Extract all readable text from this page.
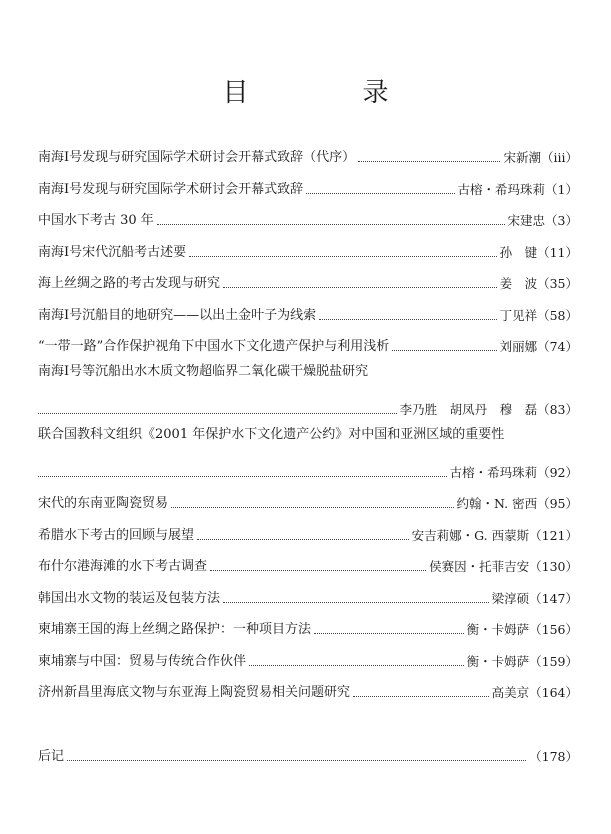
目　录
南海Ⅰ号发现与研究国际学术研讨会开幕式致辞（代序）	宋新潮 （iii）
南海Ⅰ号发现与研究国际学术研讨会开幕式致辞	古榕・希玛珠莉 （1）
中国水下考古 30 年	宋建忠 （3）
南海Ⅰ号宋代沉船考古述要	孙　键 （11）
海上丝绸之路的考古发现与研究	姜　波 （35）
南海Ⅰ号沉船目的地研究——以出土金叶子为线索	丁见祥 （58）
“一带一路”合作保护视角下中国水下文化遗产保护与利用浅析	刘丽娜 （74）
南海Ⅰ号等沉船出水木质文物超临界二氧化碳干燥脱盐研究
李乃胜　胡凤丹　穆　磊 （83）
联合国教科文组织《2001 年保护水下文化遗产公约》对中国和亚洲区域的重要性
古榕・希玛珠莉 （92）
宋代的东南亚陶瓷贸易	约翰・N. 密西 （95）
希腊水下考古的回顾与展望	安吉莉娜・G. 西蒙斯 （121）
布什尔港海滩的水下考古调查	侯赛因・托菲吉安 （130）
韩国出水文物的装运及包装方法	梁淳硕 （147）
柬埔寨王国的海上丝绸之路保护：一种项目方法	衡・卡姆萨 （156）
柬埔寨与中国：贸易与传统合作伙伴	衡・卡姆萨 （159）
济州新昌里海底文物与东亚海上陶瓷贸易相关问题研究	高美京 （164）
后记	（178）
